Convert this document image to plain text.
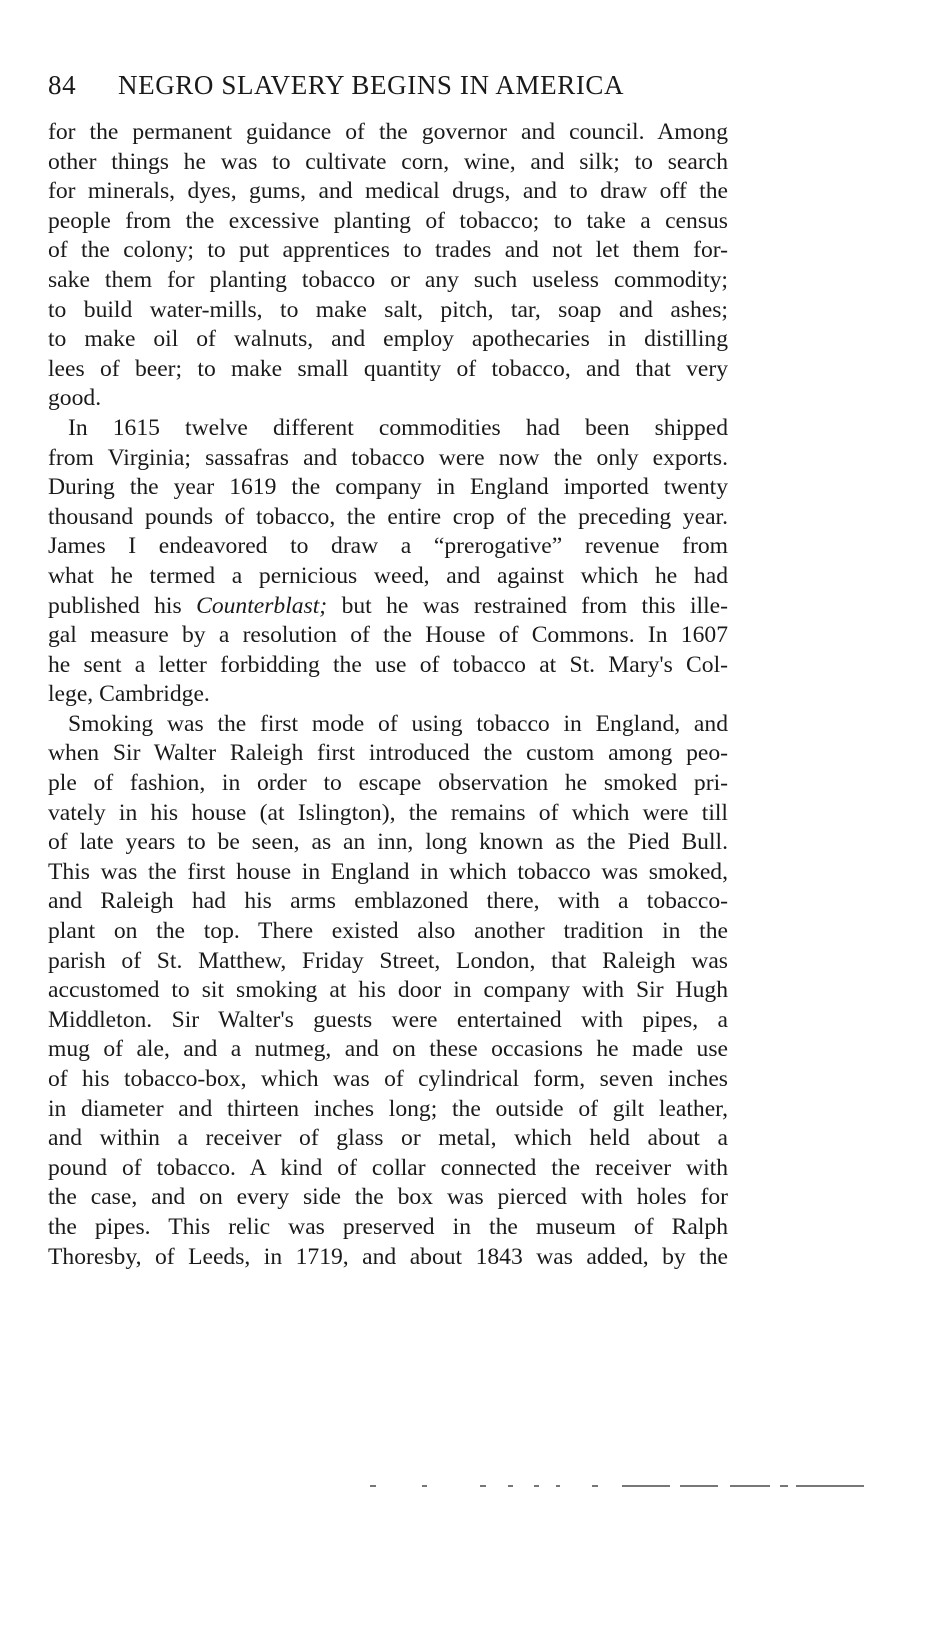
84 NEGRO SLAVERY BEGINS IN AMERICA
for the permanent guidance of the governor and council. Among
other things he was to cultivate corn, wine, and silk; to search
for minerals, dyes, gums, and medical drugs, and to draw off the
people from the excessive planting of tobacco; to take a census
of the colony; to put apprentices to trades and not let them for-
sake them for planting tobacco or any such useless commodity;
to build water-mills, to make salt, pitch, tar, soap and ashes;
to make oil of walnuts, and employ apothecaries in distilling
lees of beer; to make small quantity of tobacco, and that very
good.
In 1615 twelve different commodities had been shipped
from Virginia; sassafras and tobacco were now the only exports.
During the year 1619 the company in England imported twenty
thousand pounds of tobacco, the entire crop of the preceding year.
James I endeavored to draw a “prerogative” revenue from
what he termed a pernicious weed, and against which he had
published his Counterblast; but he was restrained from this ille-
gal measure by a resolution of the House of Commons. In 1607
he sent a letter forbidding the use of tobacco at St. Mary's Col-
lege, Cambridge.
Smoking was the first mode of using tobacco in England, and
when Sir Walter Raleigh first introduced the custom among peo-
ple of fashion, in order to escape observation he smoked pri-
vately in his house (at Islington), the remains of which were till
of late years to be seen, as an inn, long known as the Pied Bull.
This was the first house in England in which tobacco was smoked,
and Raleigh had his arms emblazoned there, with a tobacco-
plant on the top. There existed also another tradition in the
parish of St. Matthew, Friday Street, London, that Raleigh was
accustomed to sit smoking at his door in company with Sir Hugh
Middleton. Sir Walter's guests were entertained with pipes, a
mug of ale, and a nutmeg, and on these occasions he made use
of his tobacco-box, which was of cylindrical form, seven inches
in diameter and thirteen inches long; the outside of gilt leather,
and within a receiver of glass or metal, which held about a
pound of tobacco. A kind of collar connected the receiver with
the case, and on every side the box was pierced with holes for
the pipes. This relic was preserved in the museum of Ralph
Thoresby, of Leeds, in 1719, and about 1843 was added, by the
